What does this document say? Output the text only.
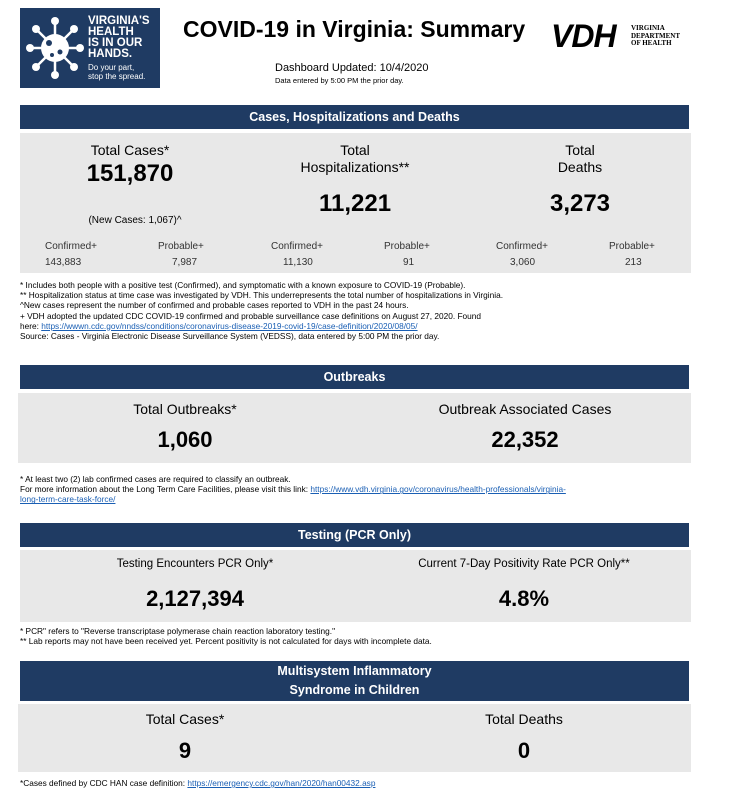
VIRGINIA'S
HEALTH
IS IN OUR
HANDS.
Do your part,
stop the spread.
COVID-19 in Virginia: Summary VDH VIRGINIA
DEPARTMENT
OF HEALTH
Dashboard Updated: 10/4/2020
Data entered by 5:00 PM the prior day.
Cases, Hospitalizations and Deaths
Total Cases*
151,870
(New Cases: 1,067)^
Confirmed+
143,883
Probable+
7,987
Total
Hospitalizations**
11,221
Confirmed+
11,130
Probable+
91
Total
Deaths
3,273
Confirmed+
3,060
Probable+
213
* Includes both people with a positive test (Confirmed), and symptomatic with a known exposure to COVID-19 (Probable).
** Hospitalization status at time case was investigated by VDH. This underrepresents the total number of hospitalizations in Virginia.
^New cases represent the number of confirmed and probable cases reported to VDH in the past 24 hours.
+ VDH adopted the updated CDC COVID-19 confirmed and probable surveillance case definitions on August 27, 2020. Found
here: https://wwwn.cdc.gov/nndss/conditions/coronavirus-disease-2019-covid-19/case-definition/2020/08/05/
Source: Cases - Virginia Electronic Disease Surveillance System (VEDSS), data entered by 5:00 PM the prior day.
Outbreaks
Total Outbreaks*
1,060
Outbreak Associated Cases
22,352
* At least two (2) lab confirmed cases are required to classify an outbreak.
For more information about the Long Term Care Facilities, please visit this link: https://www.vdh.virginia.gov/coronavirus/health-professionals/virginia-
long-term-care-task-force/
Testing (PCR Only)
Testing Encounters PCR Only*
2,127,394
Current 7-Day Positivity Rate PCR Only**
4.8%
* PCR" refers to "Reverse transcriptase polymerase chain reaction laboratory testing."
** Lab reports may not have been received yet. Percent positivity is not calculated for days with incomplete data.
Multisystem Inflammatory
Syndrome in Children
Total Cases*
9
Total Deaths
0
*Cases defined by CDC HAN case definition: https://emergency.cdc.gov/han/2020/han00432.asp
